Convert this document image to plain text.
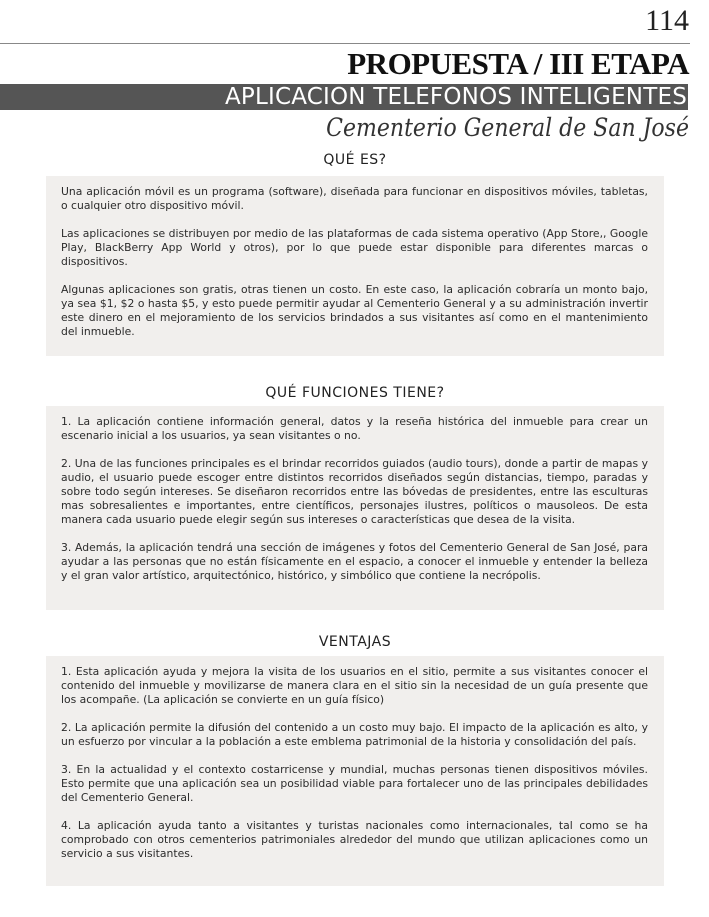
114
PROPUESTA / III ETAPA
APLICACION TELEFONOS INTELIGENTES
Cementerio General de San José
QUÉ ES?

Una aplicación móvil es un programa (software), diseñada para funcionar en dispositivos móviles, tabletas, o cualquier otro dispositivo móvil.

Las aplicaciones se distribuyen por medio de las plataformas de cada sistema operativo (App Store,, Google Play, BlackBerry App World y otros), por lo que puede estar disponible para diferentes marcas o dispositivos.

Algunas aplicaciones son gratis, otras tienen un costo. En este caso, la aplicación cobraría un monto bajo, ya sea $1, $2 o hasta $5, y esto puede permitir ayudar al Cementerio General y a su administración invertir este dinero en el mejoramiento de los servicios brindados a sus visitantes así como en el mantenimiento del inmueble.

QUÉ FUNCIONES TIENE?

1. La aplicación contiene información general, datos y la reseña histórica del inmueble para crear un escenario inicial a los usuarios, ya sean visitantes o no.

2. Una de las funciones principales es el brindar recorridos guiados (audio tours), donde a partir de mapas y audio, el usuario puede escoger entre distintos recorridos diseñados según distancias, tiempo, paradas y sobre todo según intereses. Se diseñaron recorridos entre las bóvedas de presidentes, entre las esculturas mas sobresalientes e importantes, entre científicos, personajes ilustres, políticos o mausoleos. De esta manera cada usuario puede elegir según sus intereses o características que desea de la visita.

3. Además, la aplicación tendrá una sección de imágenes y fotos del Cementerio General de San José, para ayudar a las personas que no están físicamente en el espacio, a conocer el inmueble y entender la belleza y el gran valor artístico, arquitectónico, histórico, y simbólico que contiene la necrópolis.

VENTAJAS

1. Esta aplicación ayuda y mejora la visita de los usuarios en el sitio, permite a sus visitantes conocer el contenido del inmueble y movilizarse de manera clara en el sitio sin la necesidad de un guía presente que los acompañe. (La aplicación se convierte en un guía físico)

2. La aplicación permite la difusión del contenido a un costo muy bajo. El impacto de la aplicación es alto, y un esfuerzo por vincular a la población a este emblema patrimonial de la historia y consolidación del país.

3. En la actualidad y el contexto costarricense y mundial, muchas personas tienen dispositivos móviles. Esto permite que una aplicación sea un posibilidad viable para fortalecer uno de las principales debilidades del Cementerio General.

4. La aplicación ayuda tanto a visitantes y turistas nacionales como internacionales, tal como se ha comprobado con otros cementerios patrimoniales alrededor del mundo que utilizan aplicaciones como un servicio a sus visitantes.
